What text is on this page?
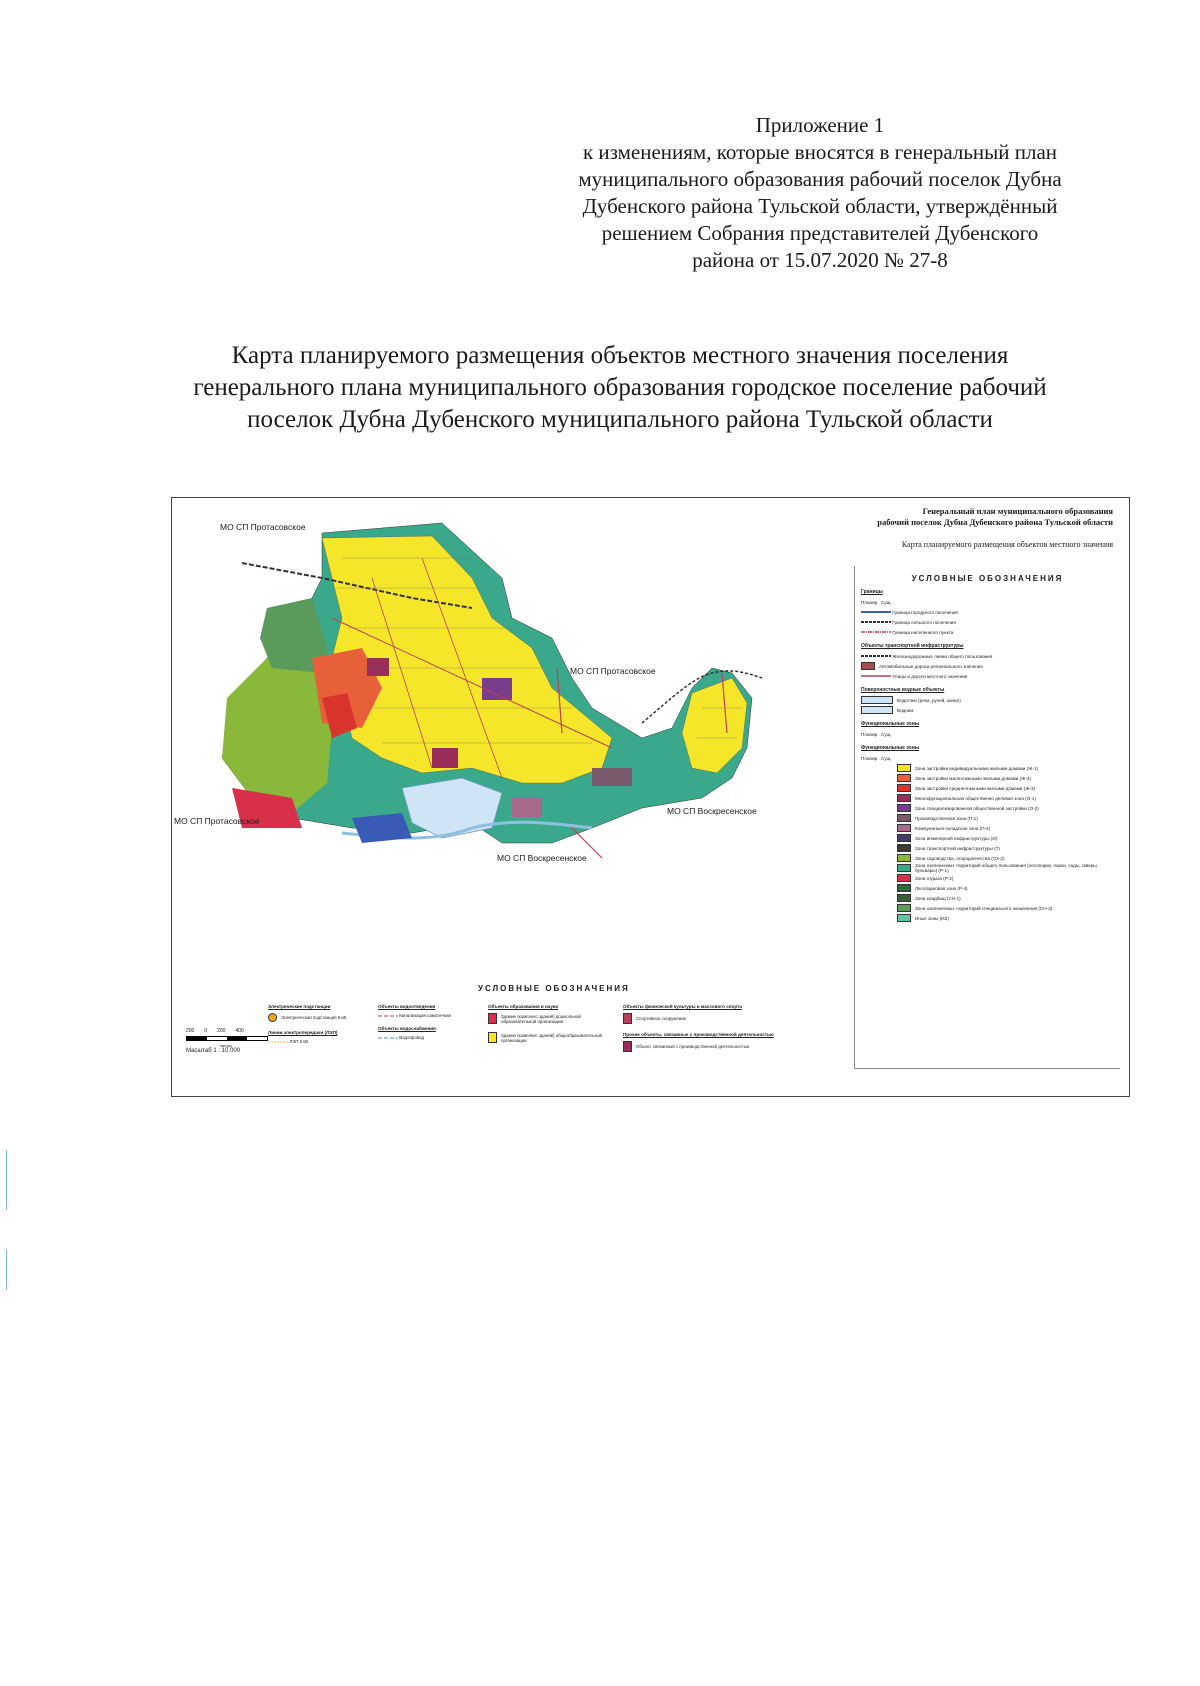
Приложение 1
к изменениям, которые вносятся в генеральный план
муниципального образования рабочий поселок Дубна
Дубенского района Тульской области, утверждённый
решением Собрания представителей Дубенского
района от 15.07.2020 № 27-8
Карта планируемого размещения объектов местного значения поселения
генерального плана муниципального образования городское поселение рабочий
поселок Дубна Дубенского муниципального района Тульской области
Генеральный план муниципального образования
рабочий поселок Дубна Дубенского района Тульской области
Карта планируемого размещения объектов местного значения
МО СП Протасовское
МО СП Протасовское
МО СП Протасовское
МО СП Воскресенское
МО СП Воскресенское
УСЛОВНЫЕ ОБОЗНАЧЕНИЯ
Границы
Планир.
Сущ.

Граница городского поселения

Граница сельского поселения

Граница населенного пункта
Объекты транспортной инфраструктуры

Железнодорожные линии общего пользования
Автомобильные дороги регионального значения

Улицы и дороги местного значения
Поверхностные водные объекты
Водотоки (река, ручей, канал)
Водоем
Функциональные зоны
Планир.
Сущ.
Функциональные зоны
Планир.
Сущ.
Зона застройки индивидуальными жилыми домами (Ж-1)
Зона застройки малоэтажными жилыми домами (Ж-2)
Зона застройки среднеэтажными жилыми домами (Ж-3)
Многофункциональная общественно деловая зона (О-1)
Зона специализированной общественной застройки (О-2)
Производственная зона (П-1)
Коммунально-складская зона (П-2)
Зона инженерной инфраструктуры (И)
Зона транспортной инфраструктуры (Т)
Зона садоводства, огородничества (СХ-2)
Зона озелененных территорий общего пользования (лесопарки, парки, сады, скверы, бульвары) (Р-1)
Зона отдыха (Р-2)
Лесопарковая зона (Р-4)
Зона кладбищ (СН-1)
Зона озелененных территорий специального назначения (СН-3)
Иные зоны (ИЗ)
УСЛОВНЫЕ ОБОЗНАЧЕНИЯ
Электрические подстанции
Электрическая подстанция 6 кВ
Линии электропередачи (ЛЭП)

ЛЭП 6 кВ
Объекты водоотведения

Канализация самотечная
Объекты водоснабжения

Водопровод
Объекты образования и науки
Здание (комплекс зданий) дошкольной образовательной организации
Здание (комплекс зданий) общеобразовательной организации
Объекты физической культуры и массового спорта
Спортивное сооружение
Прочие объекты, связанные с производственной деятельностью
Объект, связанный с производственной деятельностью
200 0 200 400
метры
Масштаб 1 : 10 000
